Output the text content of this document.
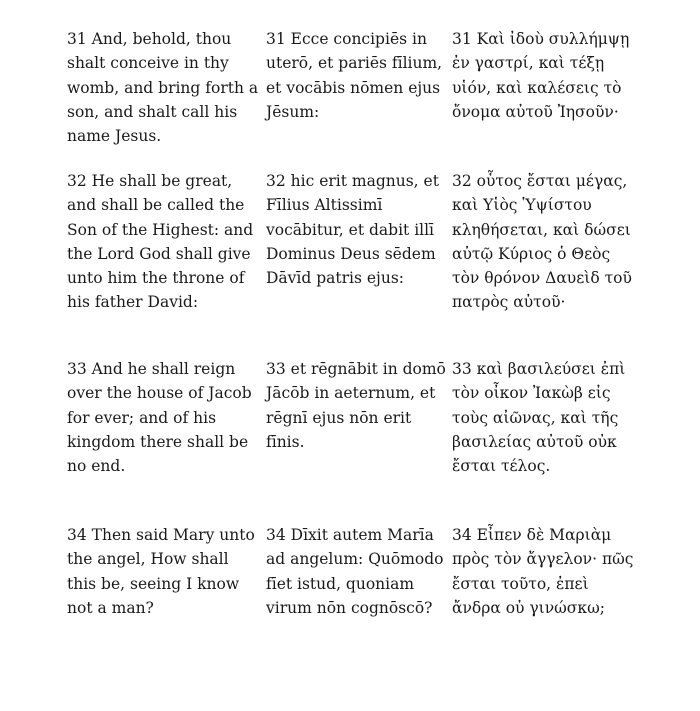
31 And, behold, thou shalt conceive in thy womb, and bring forth a son, and shalt call his name Jesus.
31 Ecce concipiēs in uterō, et pariēs fīlium, et vocābis nōmen ejus Jēsum:
31 Καὶ ἰδοὺ συλλήμψῃ ἐν γαστρί, καὶ τέξῃ υἱόν, καὶ καλέσεις τὸ ὄνομα αὐτοῦ Ἰησοῦν·
32 He shall be great, and shall be called the Son of the Highest: and the Lord God shall give unto him the throne of his father David:
32 hic erit magnus, et Fīlius Altissimī vocābitur, et dabit illī Dominus Deus sēdem Dāvīd patris ejus:
32 οὗτος ἔσται μέγας, καὶ Υἱὸς Ὑψίστου κληθήσεται, καὶ δώσει αὐτῷ Κύριος ὁ Θεὸς τὸν θρόνον Δαυεὶδ τοῦ πατρὸς αὐτοῦ·
33 And he shall reign over the house of Jacob for ever; and of his kingdom there shall be no end.
33 et rēgnābit in domō Jācōb in aeternum, et rēgnī ejus nōn erit fīnis.
33 καὶ βασιλεύσει ἐπὶ τὸν οἶκον Ἰακὼβ εἰς τοὺς αἰῶνας, καὶ τῆς βασιλείας αὐτοῦ οὐκ ἔσται τέλος.
34 Then said Mary unto the angel, How shall this be, seeing I know not a man?
34 Dīxit autem Marīa ad angelum: Quōmodo fīet istud, quoniam virum nōn cognōscō?
34 Εἶπεν δὲ Μαριὰμ πρὸς τὸν ἄγγελον· πῶς ἔσται τοῦτο, ἐπεὶ ἄνδρα οὐ γινώσκω;
